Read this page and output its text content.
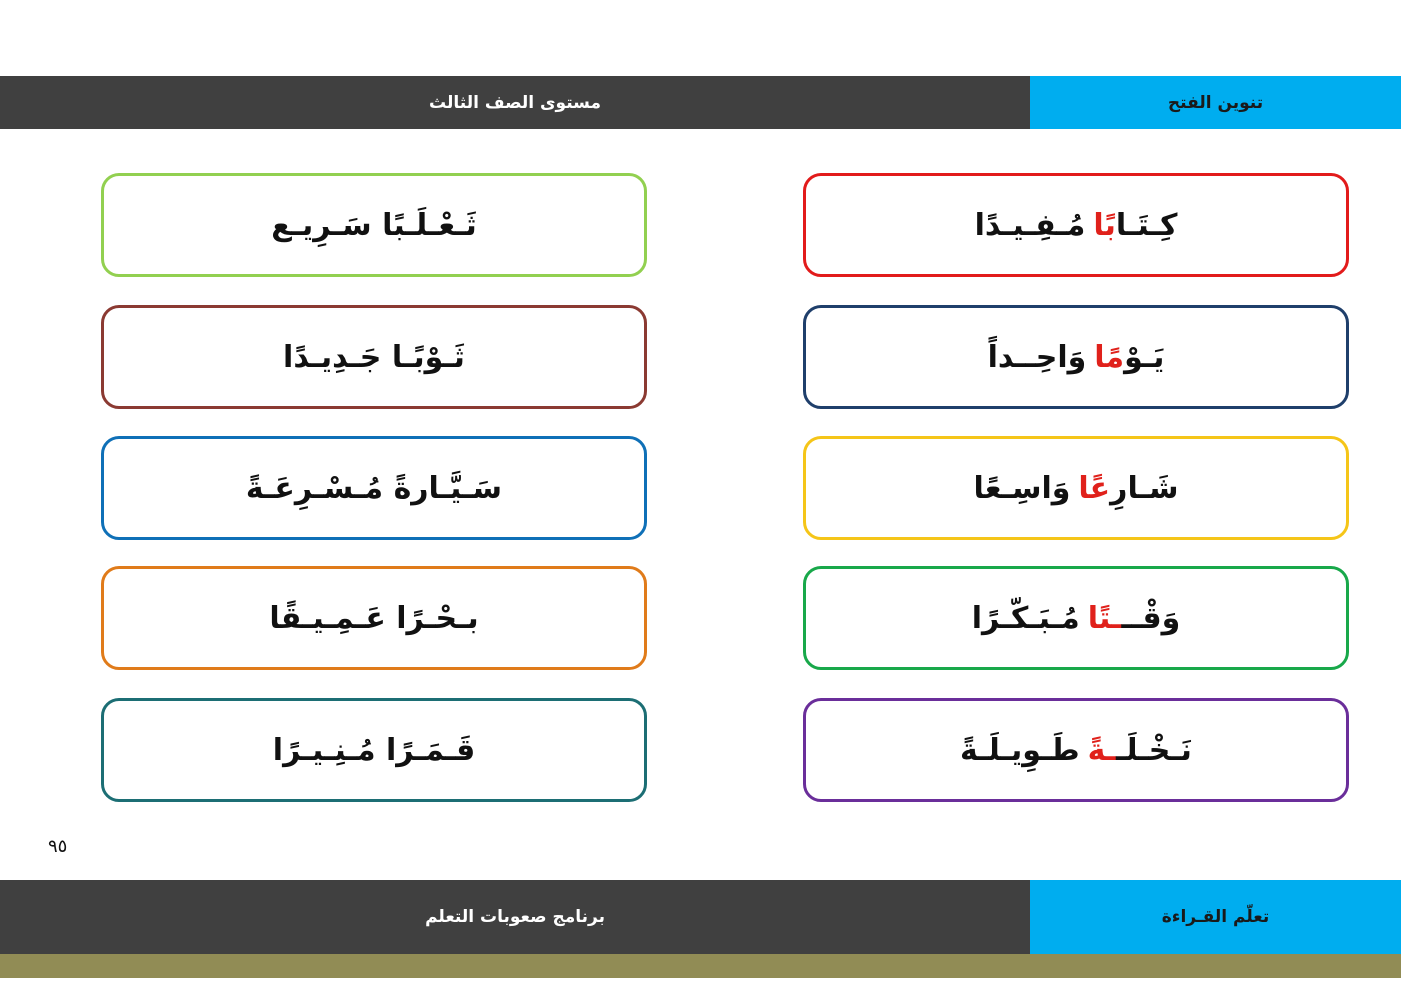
مستوى الصف الثالث	تنوين الفتح
كِـتَـابًامُـفِـيـدًا
يَـوْمًاوَاحِــداً
شَـارِعًاوَاسِـعًا
وَقْـــتًامُـبَـكّـرًا
نَـخْـلَــةًطَـوِيـلَـةً
ثَـعْـلَـبًا سَـرِيـع
ثَـوْبًـا جَـدِيـدًا
سَـيَّـارةً مُـسْـرِعَـةً
بـحْـرًا عَـمِـيـقًا
قَـمَـرًا مُـنِـيـرًا
٩٥
برنامج صعوبات التعلم	تعلّم القـراءة
